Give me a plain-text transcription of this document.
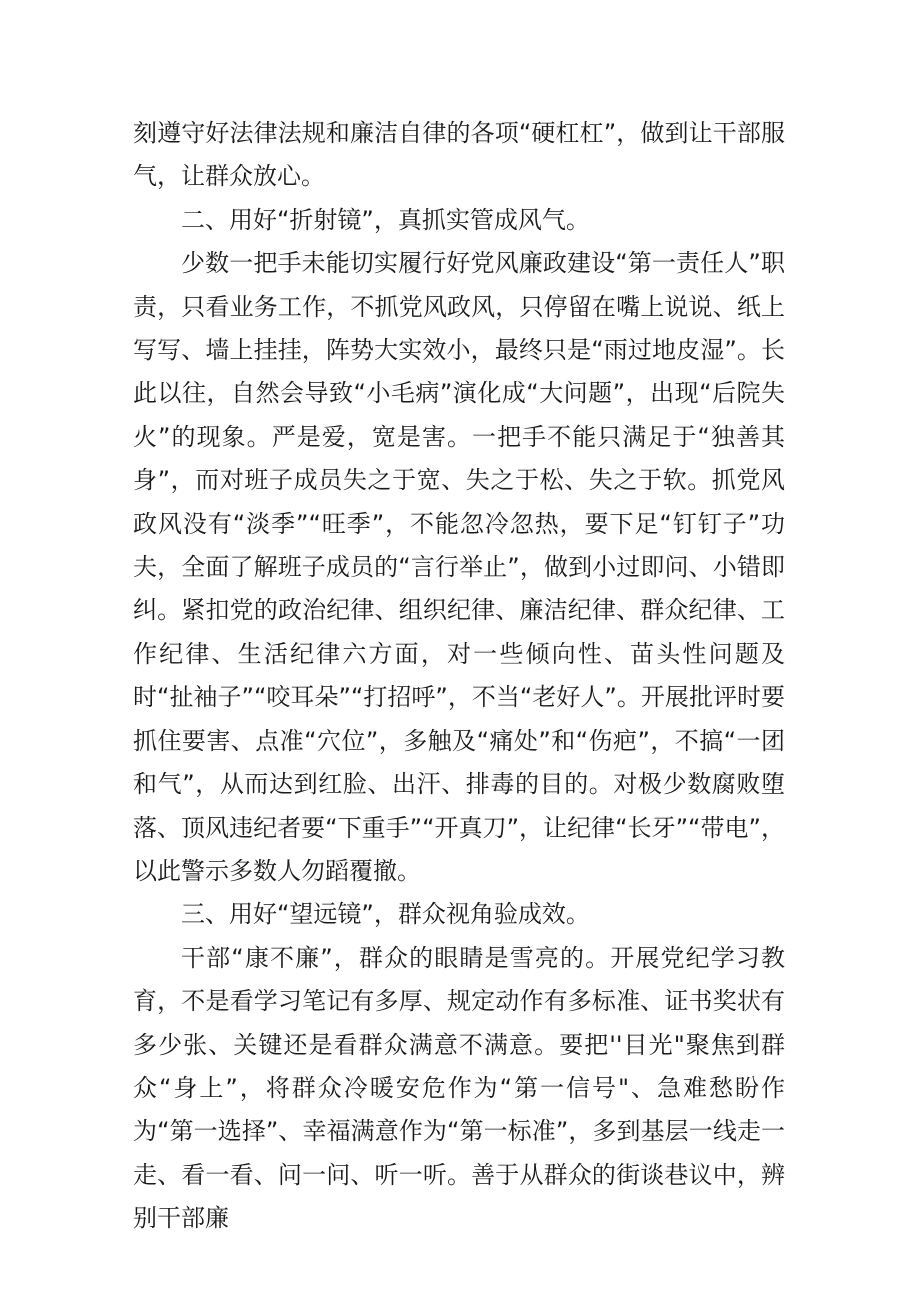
刻遵守好法律法规和廉洁自律的各项“硬杠杠”，做到让干部服气，让群众放心。

二、用好“折射镜”，真抓实管成风气。

少数一把手未能切实履行好党风廉政建设“第一责任人”职责，只看业务工作，不抓党风政风，只停留在嘴上说说、纸上写写、墙上挂挂，阵势大实效小，最终只是“雨过地皮湿”。长此以往，自然会导致“小毛病”演化成“大问题”，出现“后院失火”的现象。严是爱，宽是害。一把手不能只满足于“独善其身”，而对班子成员失之于宽、失之于松、失之于软。抓党风政风没有“淡季”“旺季”，不能忽冷忽热，要下足“钉钉子”功夫，全面了解班子成员的“言行举止”，做到小过即问、小错即纠。紧扣党的政治纪律、组织纪律、廉洁纪律、群众纪律、工作纪律、生活纪律六方面，对一些倾向性、苗头性问题及时“扯袖子”“咬耳朵”“打招呼”，不当“老好人”。开展批评时要抓住要害、点准“穴位”，多触及“痛处”和“伤疤”，不搞“一团和气”，从而达到红脸、出汗、排毒的目的。对极少数腐败堕落、顶风违纪者要“下重手”“开真刀”，让纪律“长牙”“带电”，以此警示多数人勿蹈覆撤。

三、用好“望远镜”，群众视角验成效。

干部“康不廉”，群众的眼睛是雪亮的。开展党纪学习教育，不是看学习笔记有多厚、规定动作有多标准、证书奖状有多少张、关键还是看群众满意不满意。要把''目光"聚焦到群众“身上”，将群众冷暖安危作为“第一信号"、急难愁盼作为“第一选择”、幸福满意作为“第一标准”，多到基层一线走一走、看一看、问一问、听一听。善于从群众的街谈巷议中，辨别干部廉
